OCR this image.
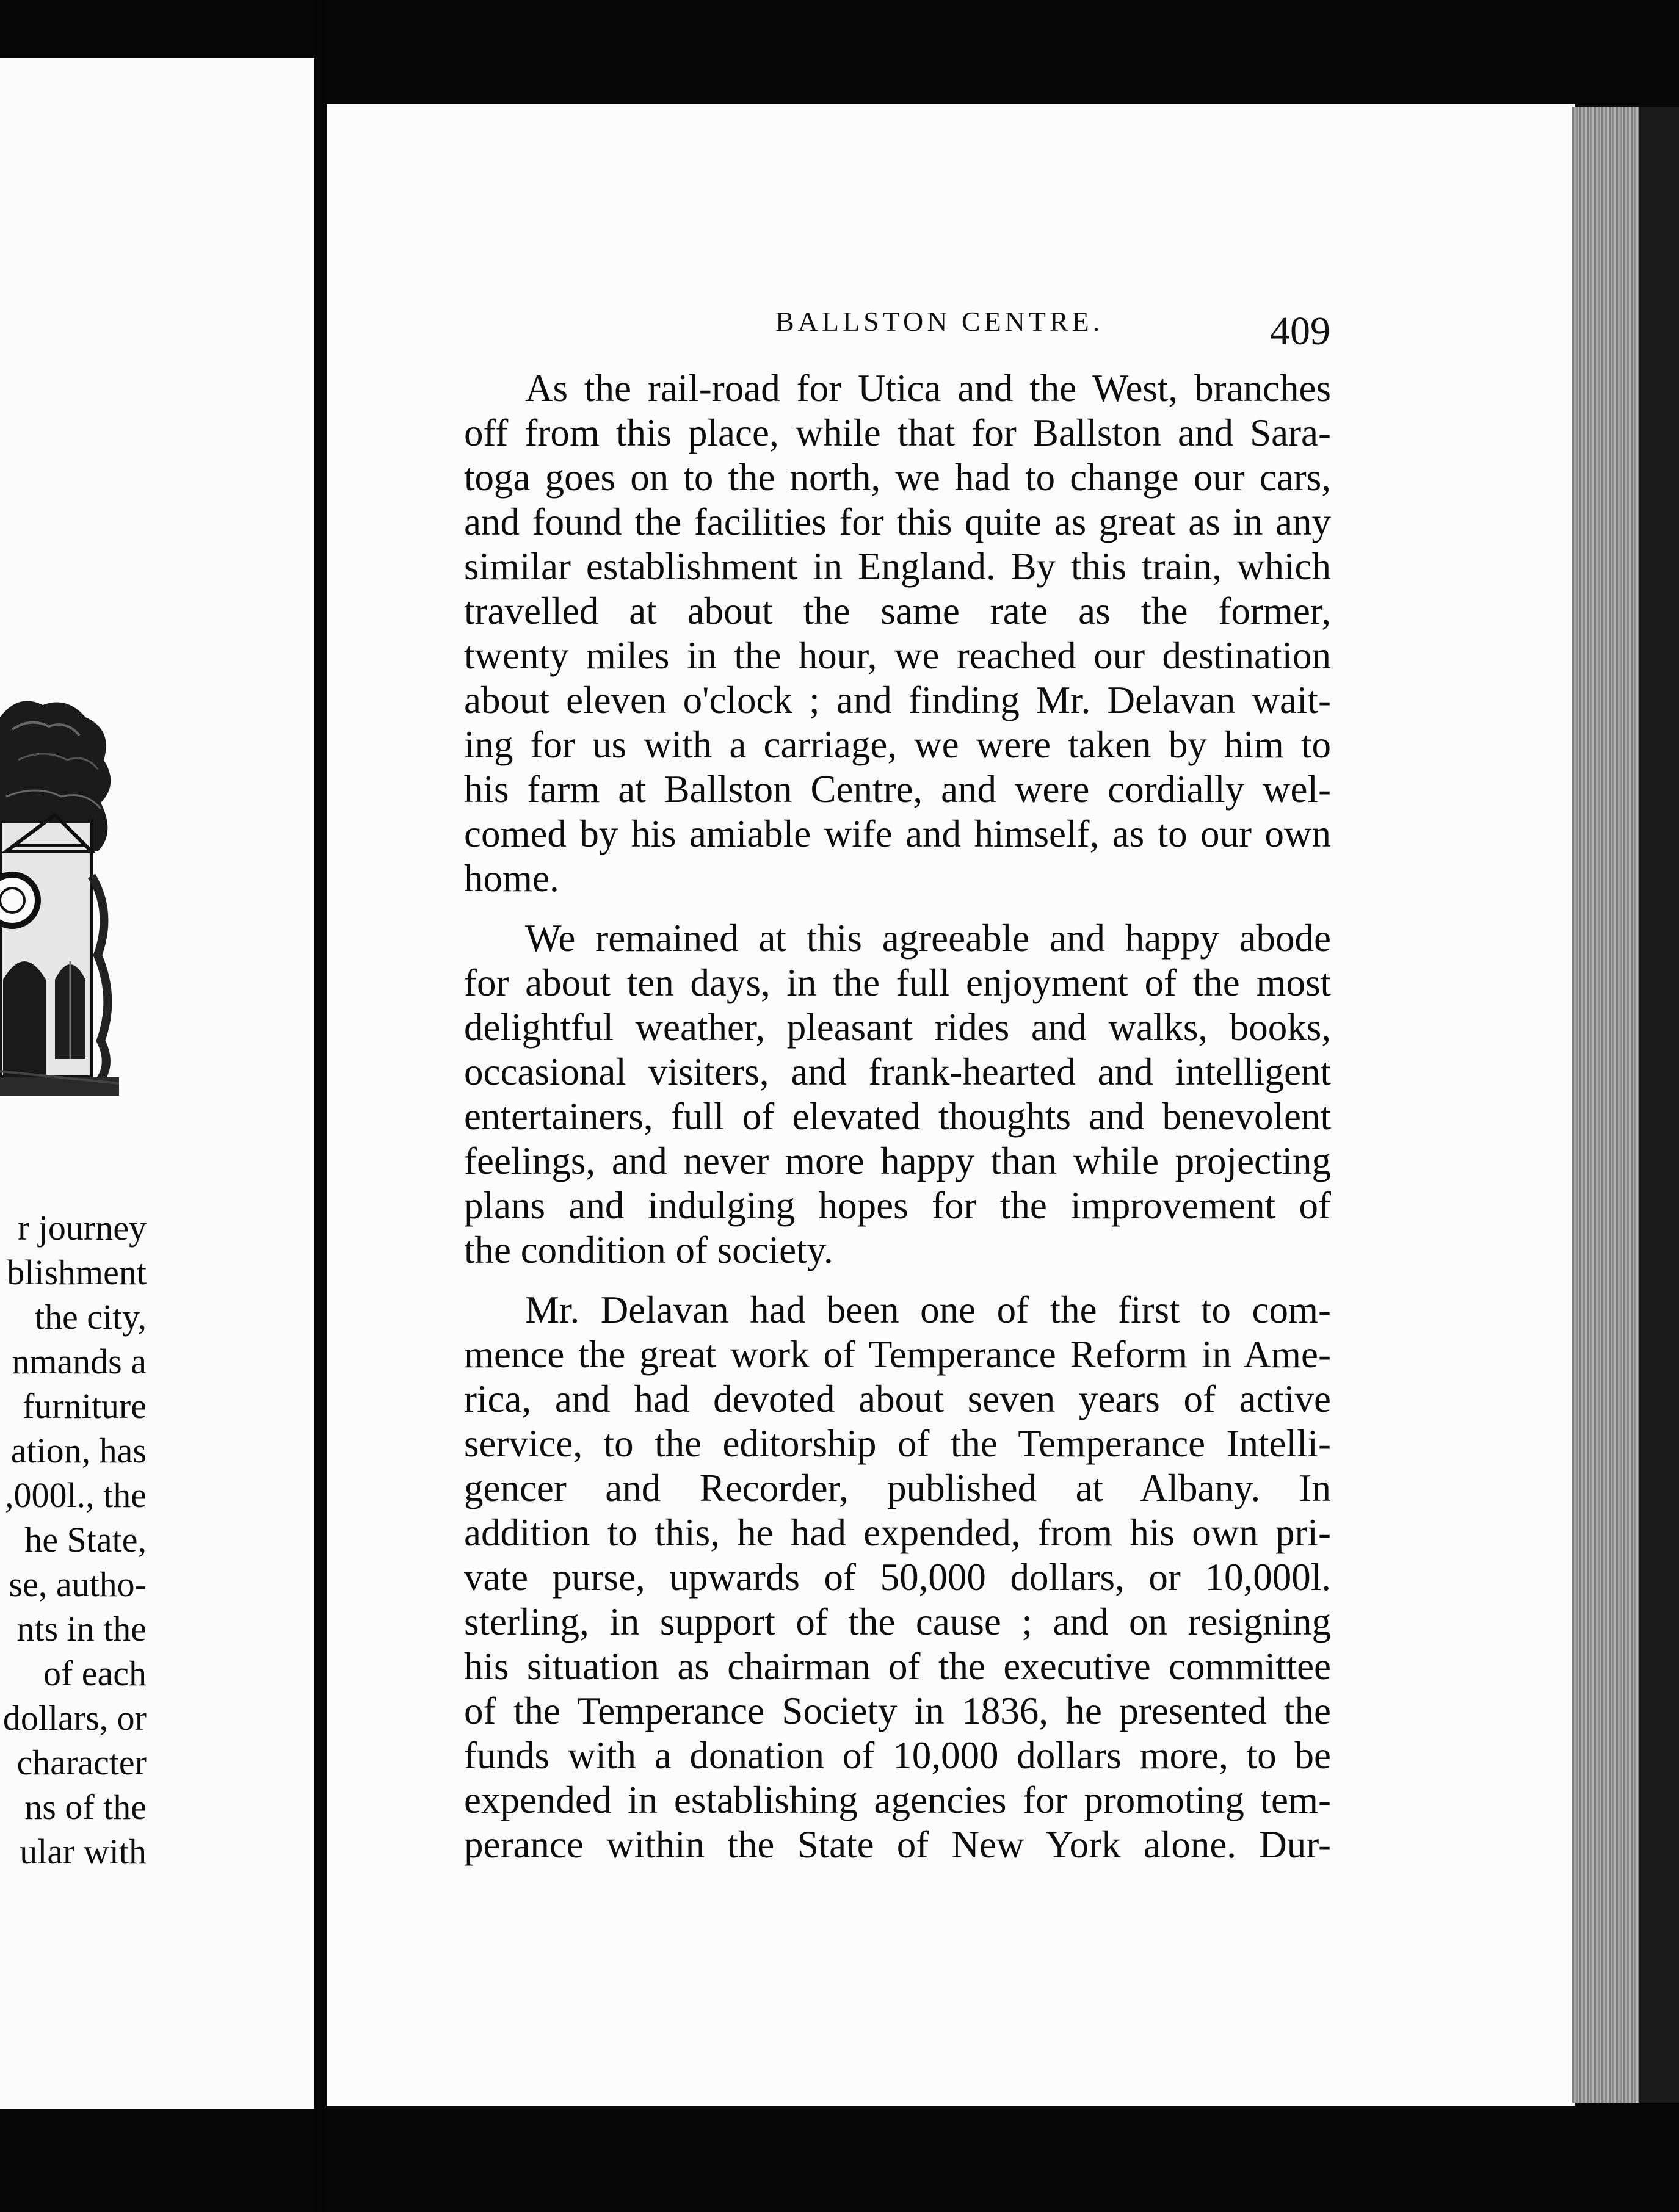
r journey
blishment
the city,
nmands a
furniture
ation, has
,000l., the
he State,
se, autho-
nts in the
of each
dollars, or
character
ns of the
ular with
BALLSTON CENTRE.	409

As the rail-road for Utica and the West, branches
off from this place, while that for Ballston and Sara-
toga goes on to the north, we had to change our cars,
and found the facilities for this quite as great as in any
similar establishment in England. By this train, which
travelled at about the same rate as the former,
twenty miles in the hour, we reached our destination
about eleven o'clock ; and finding Mr. Delavan wait-
ing for us with a carriage, we were taken by him to
his farm at Ballston Centre, and were cordially wel-
comed by his amiable wife and himself, as to our own
home.

We remained at this agreeable and happy abode
for about ten days, in the full enjoyment of the most
delightful weather, pleasant rides and walks, books,
occasional visiters, and frank-hearted and intelligent
entertainers, full of elevated thoughts and benevolent
feelings, and never more happy than while projecting
plans and indulging hopes for the improvement of
the condition of society.

Mr. Delavan had been one of the first to com-
mence the great work of Temperance Reform in Ame-
rica, and had devoted about seven years of active
service, to the editorship of the Temperance Intelli-
gencer and Recorder, published at Albany. In
addition to this, he had expended, from his own pri-
vate purse, upwards of 50,000 dollars, or 10,000l.
sterling, in support of the cause ; and on resigning
his situation as chairman of the executive committee
of the Temperance Society in 1836, he presented the
funds with a donation of 10,000 dollars more, to be
expended in establishing agencies for promoting tem-
perance within the State of New York alone. Dur-
